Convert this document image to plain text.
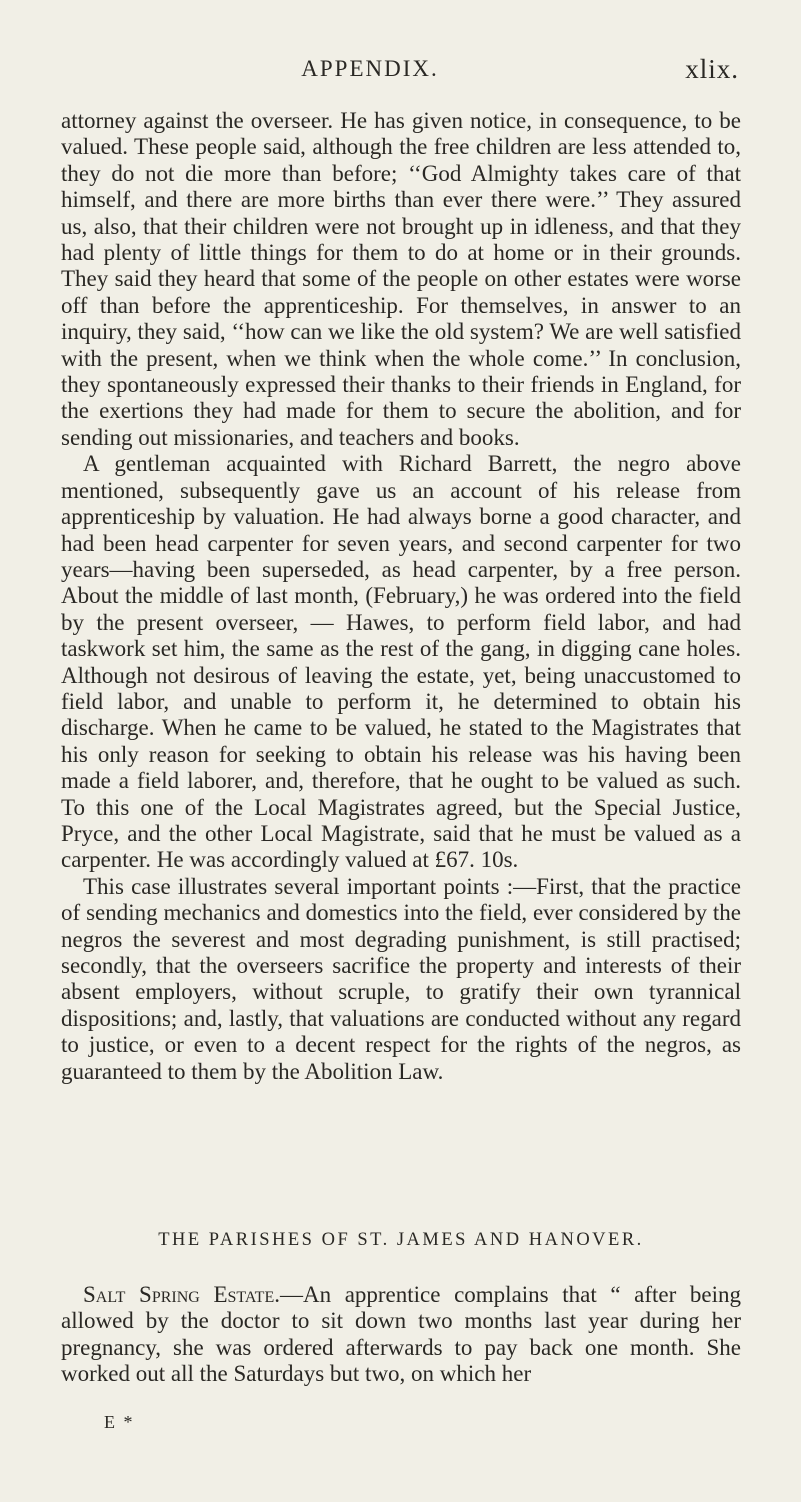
APPENDIX.	xlix.

attorney against the overseer. He has given notice, in consequence, to be valued. These people said, although the free children are less attended to, they do not die more than before; ‘‘God Almighty takes care of that himself, and there are more births than ever there were.’’ They assured us, also, that their children were not brought up in idleness, and that they had plenty of little things for them to do at home or in their grounds. They said they heard that some of the people on other estates were worse off than before the apprenticeship. For themselves, in answer to an inquiry, they said, ‘‘how can we like the old system? We are well satisfied with the present, when we think when the whole come.’’ In conclusion, they spontaneously expressed their thanks to their friends in England, for the exertions they had made for them to secure the abolition, and for sending out missionaries, and teachers and books.

A gentleman acquainted with Richard Barrett, the negro above mentioned, subsequently gave us an account of his release from apprenticeship by valuation. He had always borne a good character, and had been head carpenter for seven years, and second carpenter for two years—having been superseded, as head carpenter, by a free person. About the middle of last month, (February,) he was ordered into the field by the present overseer, — Hawes, to perform field labor, and had taskwork set him, the same as the rest of the gang, in digging cane holes. Although not desirous of leaving the estate, yet, being unaccustomed to field labor, and unable to perform it, he determined to obtain his discharge. When he came to be valued, he stated to the Magistrates that his only reason for seeking to obtain his release was his having been made a field laborer, and, therefore, that he ought to be valued as such. To this one of the Local Magistrates agreed, but the Special Justice, Pryce, and the other Local Magistrate, said that he must be valued as a carpenter. He was accordingly valued at £67. 10s.

This case illustrates several important points :—First, that the practice of sending mechanics and domestics into the field, ever considered by the negros the severest and most degrading punishment, is still practised; secondly, that the overseers sacrifice the property and interests of their absent employers, without scruple, to gratify their own tyrannical dispositions; and, lastly, that valuations are conducted without any regard to justice, or even to a decent respect for the rights of the negros, as guaranteed to them by the Abolition Law.

THE PARISHES OF ST. JAMES AND HANOVER.

Salt Spring Estate.—An apprentice complains that “ after being allowed by the doctor to sit down two months last year during her pregnancy, she was ordered afterwards to pay back one month. She worked out all the Saturdays but two, on which her

E *
